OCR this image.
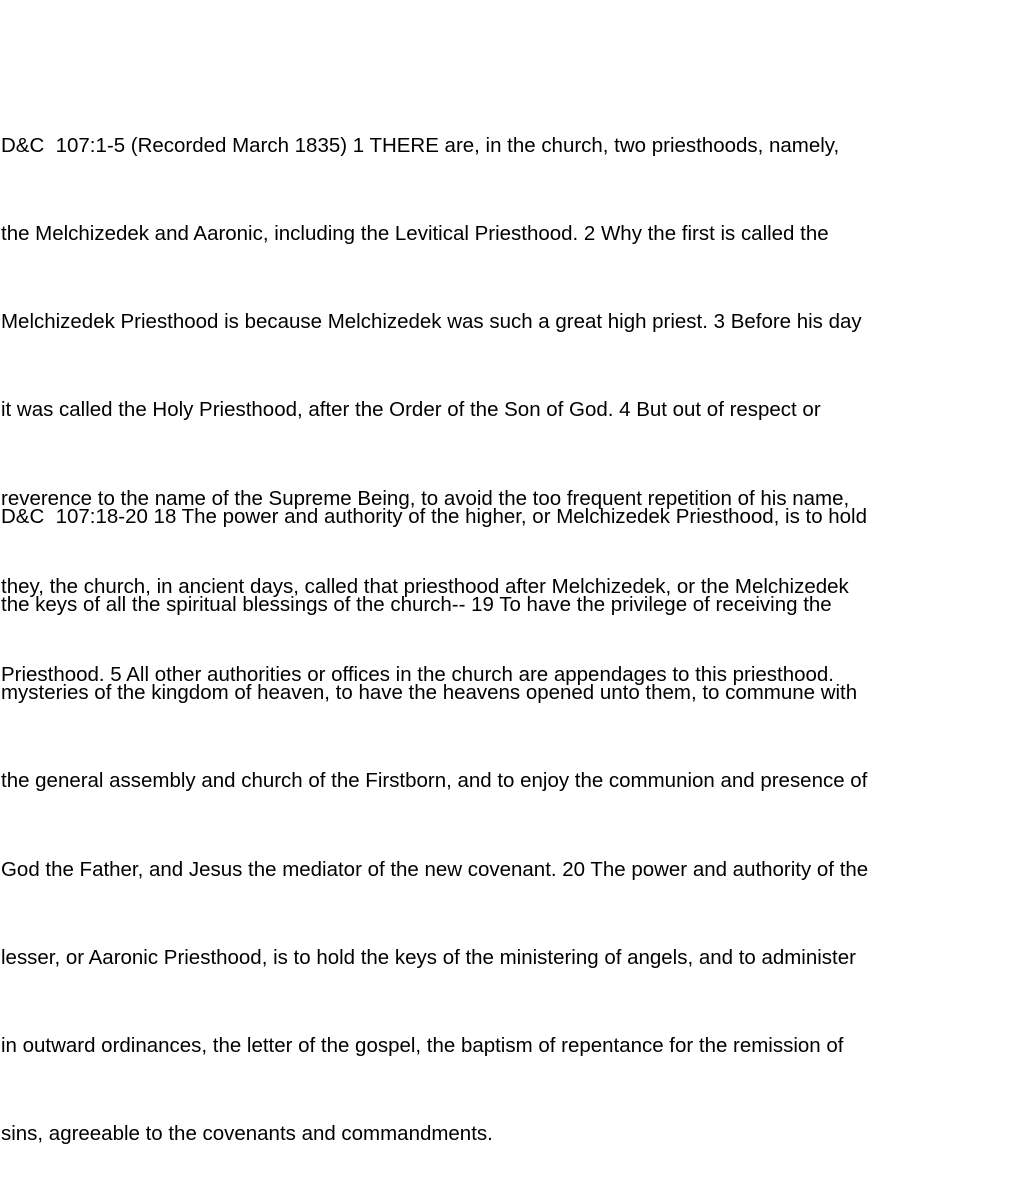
D&C  107:1-5 (Recorded March 1835) 1 THERE are, in the church, two priesthoods, namely,

the Melchizedek and Aaronic, including the Levitical Priesthood. 2 Why the first is called the

Melchizedek Priesthood is because Melchizedek was such a great high priest. 3 Before his day

it was called the Holy Priesthood, after the Order of the Son of God. 4 But out of respect or

reverence to the name of the Supreme Being, to avoid the too frequent repetition of his name,

they, the church, in ancient days, called that priesthood after Melchizedek, or the Melchizedek

Priesthood. 5 All other authorities or offices in the church are appendages to this priesthood.

D&C  107:18-20 18 The power and authority of the higher, or Melchizedek Priesthood, is to hold

the keys of all the spiritual blessings of the church-- 19 To have the privilege of receiving the

mysteries of the kingdom of heaven, to have the heavens opened unto them, to commune with

the general assembly and church of the Firstborn, and to enjoy the communion and presence of

God the Father, and Jesus the mediator of the new covenant. 20 The power and authority of the

lesser, or Aaronic Priesthood, is to hold the keys of the ministering of angels, and to administer

in outward ordinances, the letter of the gospel, the baptism of repentance for the remission of

sins, agreeable to the covenants and commandments.
